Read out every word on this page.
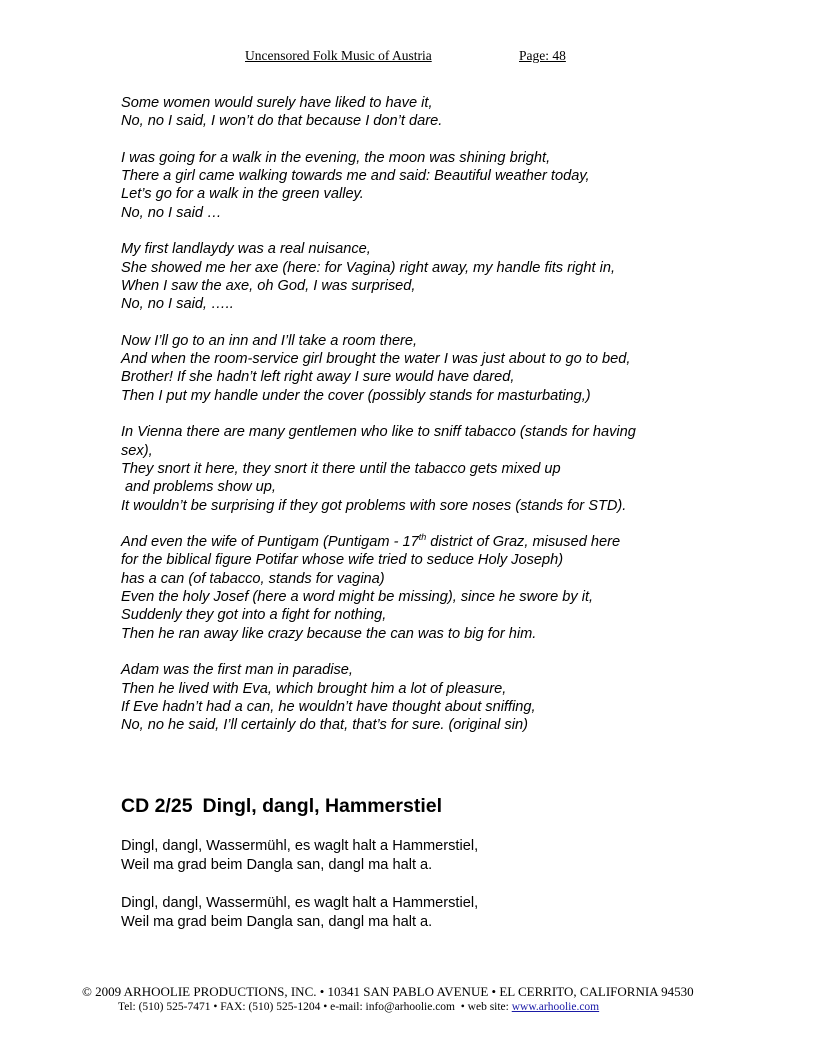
Uncensored Folk Music of Austria	Page: 48
Some women would surely have liked to have it,
No, no I said, I won’t do that because I don’t dare.
I was going for a walk in the evening, the moon was shining bright,
There a girl came walking towards me and said: Beautiful weather today,
Let’s go for a walk in the green valley.
No, no I said …
My first landlaydy was a real nuisance,
She showed me her axe (here: for Vagina) right away, my handle fits right in,
When I saw the axe, oh God, I was surprised,
No, no I said, …..
Now I’ll go to an inn and I’ll take a room there,
And when the room-service girl brought the water I was just about to go to bed,
Brother! If she hadn’t left right away I sure would have dared,
Then I put my handle under the cover (possibly stands for masturbating,)
In Vienna there are many gentlemen who like to sniff tabacco (stands for having
sex),
They snort it here, they snort it there until the tabacco gets mixed up
and problems show up,
It wouldn’t be surprising if they got problems with sore noses (stands for STD).
And even the wife of Puntigam (Puntigam - 17th district of Graz, misused here
for the biblical figure Potifar whose wife tried to seduce Holy Joseph)
has a can (of tabacco, stands for vagina)
Even the holy Josef (here a word might be missing), since he swore by it,
Suddenly they got into a fight for nothing,
Then he ran away like crazy because the can was to big for him.
Adam was the first man in paradise,
Then he lived with Eva, which brought him a lot of pleasure,
If Eve hadn’t had a can, he wouldn’t have thought about sniffing,
No, no he said, I’ll certainly do that, that’s for sure. (original sin)
CD 2/25 Dingl, dangl, Hammerstiel
Dingl, dangl, Wassermühl, es waglt halt a Hammerstiel,
Weil ma grad beim Dangla san, dangl ma halt a.
Dingl, dangl, Wassermühl, es waglt halt a Hammerstiel,
Weil ma grad beim Dangla san, dangl ma halt a.
© 2009 ARHOOLIE PRODUCTIONS, INC. • 10341 SAN PABLO AVENUE • EL CERRITO, CALIFORNIA 94530
Tel: (510) 525-7471 • FAX: (510) 525-1204 • e-mail: info@arhoolie.com  • web site: www.arhoolie.com
